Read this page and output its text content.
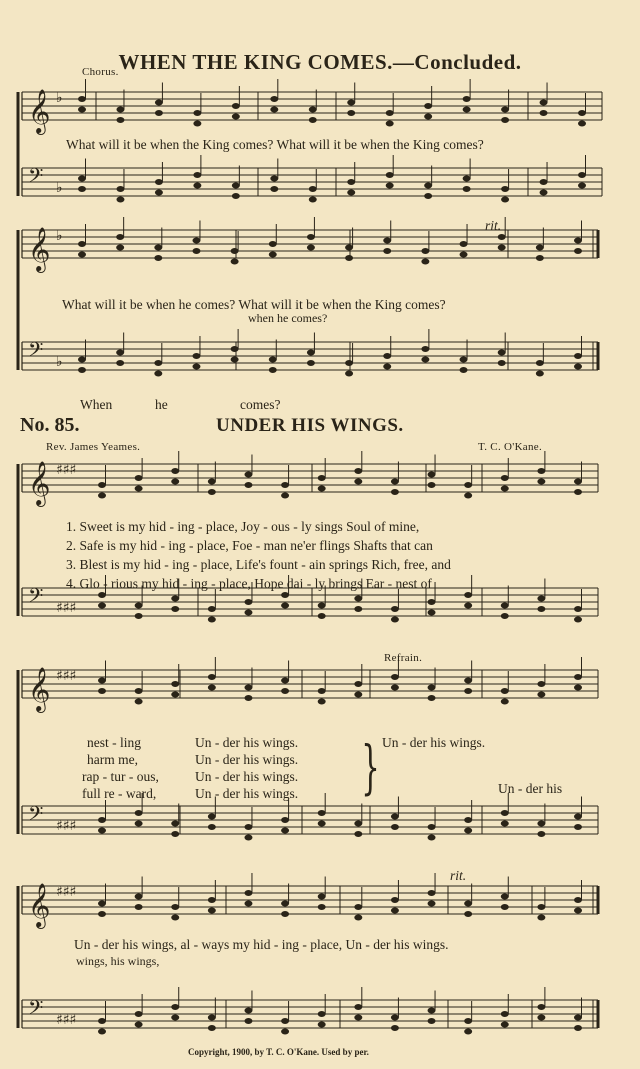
𝄞 ♭
𝄢 ♭
𝄞 ♭
𝄢 ♭
𝄞 ♯♯♯
𝄢 ♯♯♯
𝄞 ♯♯♯
𝄢 ♯♯♯
𝄞 ♯♯♯
𝄢 ♯♯♯
WHEN THE KING COMES.—Concluded.
Chorus.
What will it be when the King comes? What will it be when the King comes?
rit.
What will it be when he comes? What will it be when the King comes?
when he comes?
When	he	comes?
No. 85.	UNDER HIS WINGS.
Rev. James Yeames.	T. C. O'Kane.
1. Sweet is my hid - ing - place, Joy - ous - ly sings Soul of mine,
2. Safe is my hid - ing - place, Foe - man ne'er flings Shafts that can
3. Blest is my hid - ing - place, Life's fount - ain springs Rich, free, and
4. Glo - rious my hid - ing - place, Hope dai - ly brings Ear - nest of
Refrain.
nest - ling
harm me,
rap - tur - ous,
full re - ward,
Un - der his wings.
Un - der his wings.
Un - der his wings.
Un - der his wings. } Un - der his wings.
Un - der his
rit.
Un - der his wings, al - ways my hid - ing - place, Un - der his wings.
wings, his wings,
Copyright, 1900, by T. C. O'Kane. Used by per.
